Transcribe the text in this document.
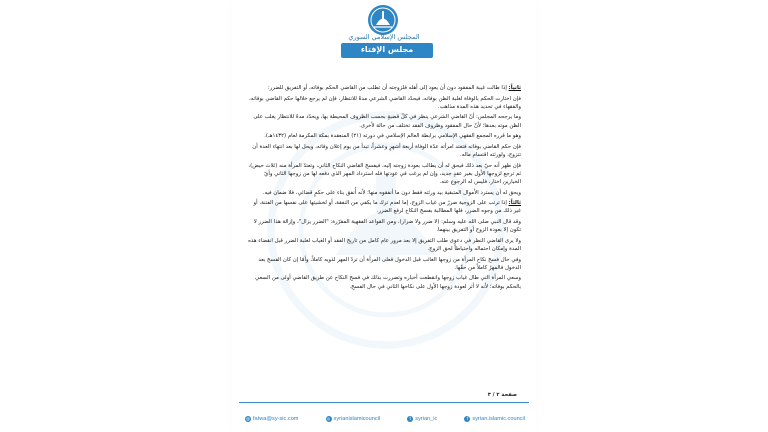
المجلس الإسلامي السوري
مجلس الإفتاء

ثانياً: إذا طالت غيبة المفقود دون أن يعود إلى أهله فلزوجته أن تطلب من القاضي الحكم بوفاته، أو التفريق للضرر:

فإن اختارت الحكم بالوفاة لغلبة الظن بوفاته، فيحدّد القاضي الشرعي مدةً للانتظار، فإن لم يرجع خلالها حكم القاضي بوفاته، والفقهاء في تحديد هذه المدة مذاهب.

وما يرجحه المجلس: أنّ القاضي الشرعي ينظر في كلّ قضيةٍ بحسب الظروف المحيطة بها، ويحدّد مدةً للانتظار يغلب على الظن موته بعدها؛ لأنّ حال المفقود وظروف الفقد تختلف من حالة لأخرى.

وهو ما قرره المجمع الفقهي الإسلامي برابطة العالم الإسلامي في دورته (٢١) المنعقدة بمكة المكرمة لعام (١٤٣٢هـ).

فإن حكم القاضي بوفاته فتعتد امرأته عدّة الوفاة أربعة أشهرٍ وعشراً، تبدأ من يوم إعلان وفاته، ويحل لها بعد انتهاء العدة أن تتزوج، ولورثته اقتسام ماله.

فإن ظهر أنه حيّ بعد ذلك فيحق له أن يطالب بعودة زوجته إليه، فيفسخ القاضي النكاح الثاني، وتعتدّ المرأة منه (ثلاث حيض)، ثم ترجع لزوجها الأول بغير عقدٍ جديد، وإن لم يرغب في عودتها فله استرداد المهر الذي دفعه لها من زوجها الثاني وأيّ الخيارين اختار، فليس له الرجوع عنه.

ويحق له أن يسترد الأموال المتبقية بيد ورثته فقط دون ما أنفقوه منها؛ لأنه أُنفق بناء على حكمٍ قضائي، فلا ضمان فيه.

ثالثاً: إذا ترتب على الزوجية ضررٌ من غياب الزوج، إما لعدم ترك ما يكفي من النفقة، أو لخشيتها على نفسها من الفتنة، أو غير ذلك من وجوه الضرر، فلها المطالبة بفسخ النكاح لرفع الضرر.

وقد قال النبي صلى الله عليه وسلم: (لا ضرر ولا ضرار)، ومن القواعد الفقهية المقرّرة: "الضرر يزال"، وإزالة هذا الضرر لا تكون إلا بعودة الزوج أو التفريق بينهما.

ولا يرى القاضي النظر في دعوى طلب التفريق إلا بعد مرور عام كامل من تاريخ الفقد أو الغياب لغلبة الضرر قبل انقضاء هذه المدة وإمكان احتماله واحتياطاً لحق الزوج.

وفي حال فسخ نكاح المرأة من زوجها الغائب قبل الدخول فعلى المرأة أن تردّ المهر لذويه كاملاً، وأمّا إن كان الفسخ بعد الدخول فالمهرُ كاملاً من حقّها.

وسعي المرأة التي طال غياب زوجها وانقطعت أخباره وتضررت بذلك في فسخ النكاح عن طريق القاضي أولى من السعي بالحكم بوفاته؛ لأنه لا أثر لعودة زوجها الأول على نكاحها الثاني في حال الفسخ.

صفحة ٢ / ٣
@ fatwa@sy-sic.com	◎ syrianislamicouncil	t syrian_ic	f syrian.islamic.council
